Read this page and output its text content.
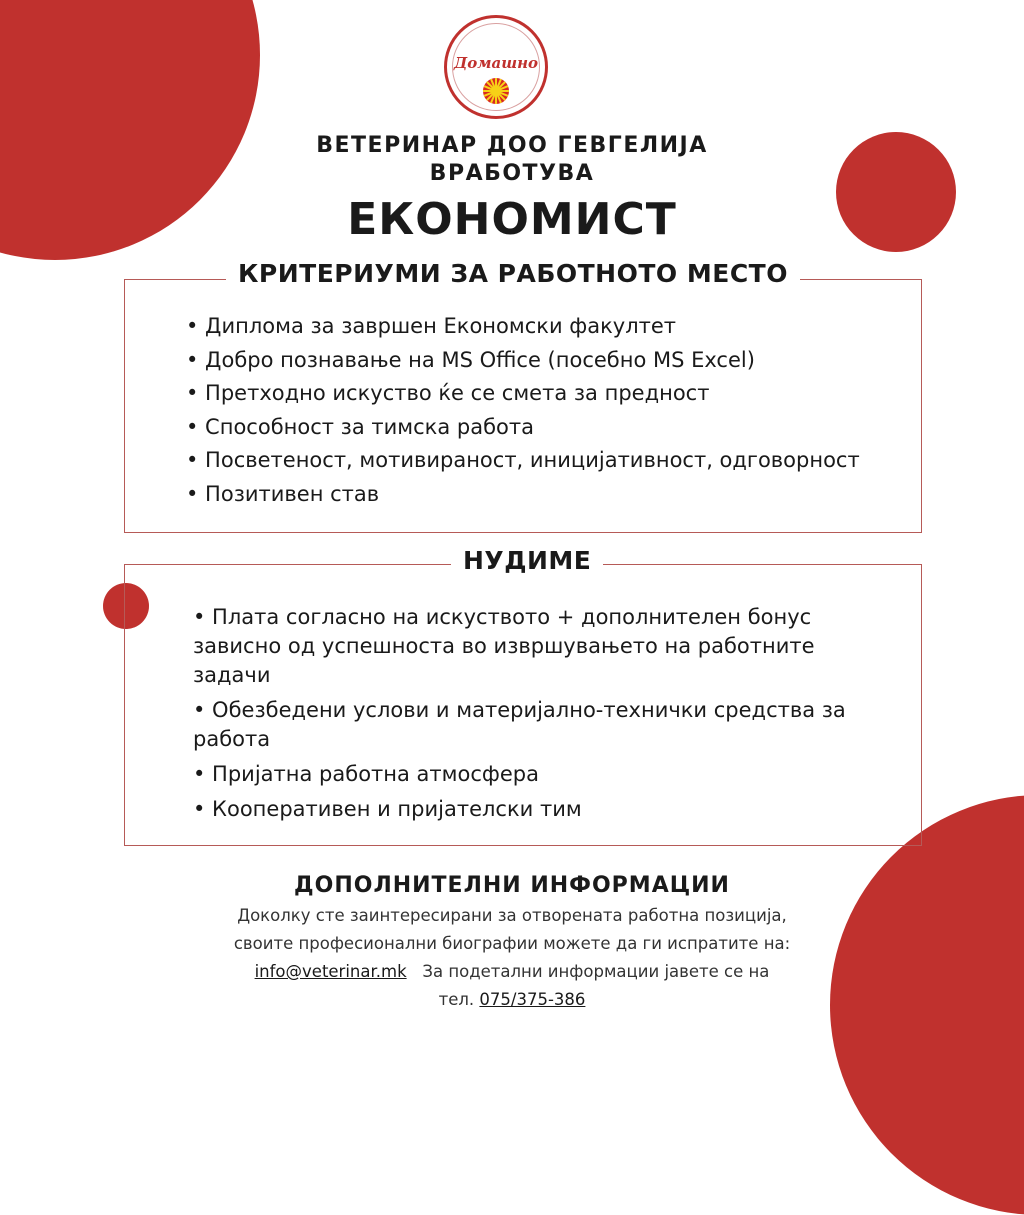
Домашно
ВЕТЕРИНАР ДОО ГЕВГЕЛИЈА
ВРАБОТУВА
ЕКОНОМИСТ
КРИТЕРИУМИ ЗА РАБОТНОТО МЕСТО
• Диплома за завршен Економски факултет
• Добро познавање на MS Office (посебно MS Excel)
• Претходно искуство ќе се смета за предност
• Способност за тимска работа
• Посветеност, мотивираност, иницијативност, одговорност
• Позитивен став
НУДИМЕ
• Плата согласно на искуството + дополнителен бонус зависно од успешноста во извршувањето на работните задачи
• Обезбедени услови и материјално-технички средства за работа
• Пријатна работна атмосфера
• Кооперативен и пријателски тим
ДОПОЛНИТЕЛНИ ИНФОРМАЦИИ
Доколку сте заинтересирани за отворената работна позиција,
своите професионални биографии можете да ги испратите на:
info@veterinar.mk За подетални информации јавете се на
тел. 075/375-386
